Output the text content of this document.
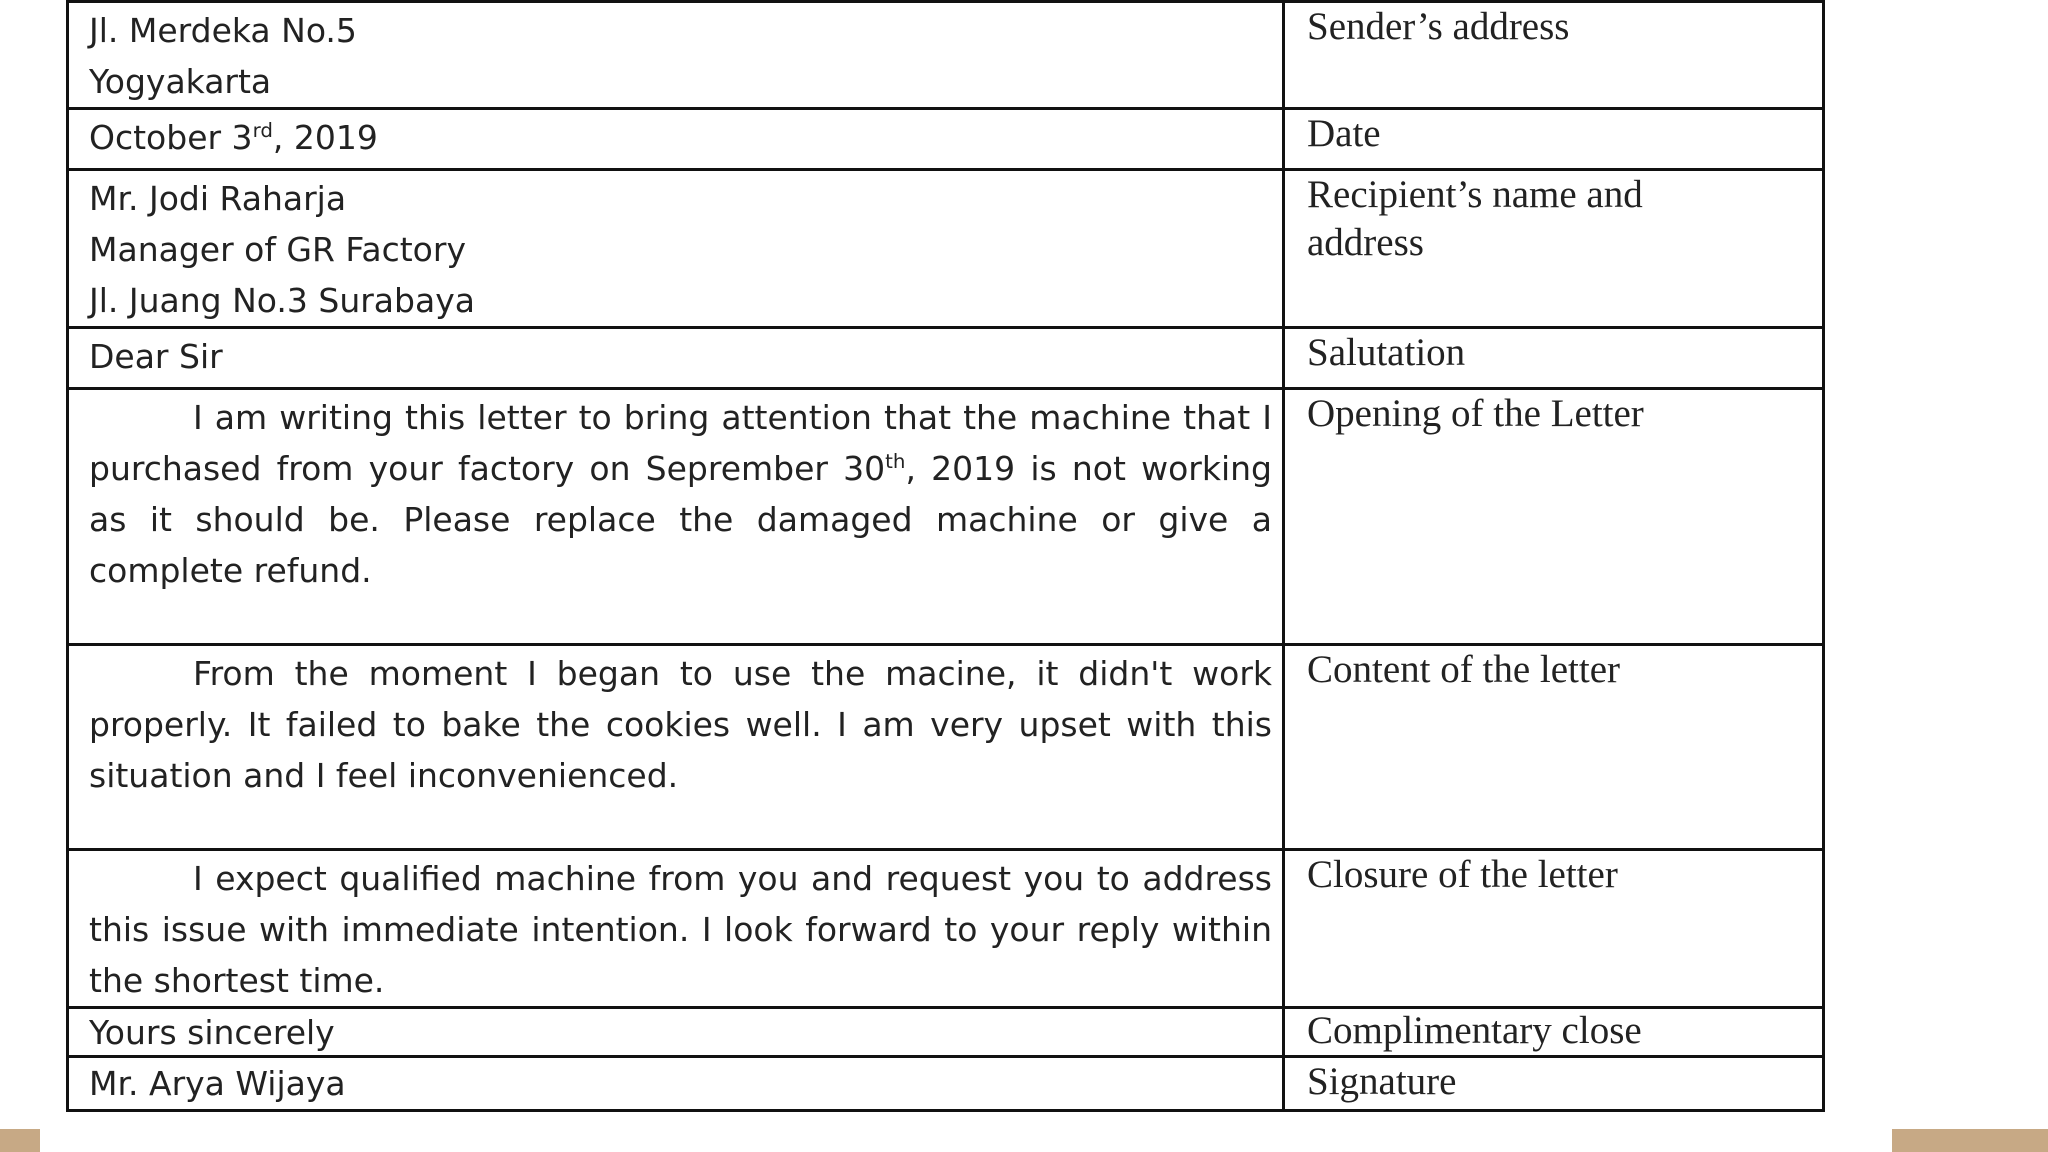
Jl. Merdeka No.5
Yogyakarta	Sender’s address

October 3rd, 2019	Date

Mr. Jodi Raharja
Manager of GR Factory
Jl. Juang No.3 Surabaya	Recipient’s name and
address

Dear Sir	Salutation

I am writing this letter to bring attention that the machine that I purchased from your factory on Seprember 30th, 2019 is not working as it should be. Please replace the damaged machine or give a complete refund.	Opening of the Letter

From the moment I began to use the macine, it didn't work properly. It failed to bake the cookies well. I am very upset with this situation and I feel inconvenienced.	Content of the letter

I expect qualified machine from you and request you to address this issue with immediate intention. I look forward to your reply within the shortest time.	Closure of the letter

Yours sincerely	Complimentary close

Mr. Arya Wijaya	Signature
